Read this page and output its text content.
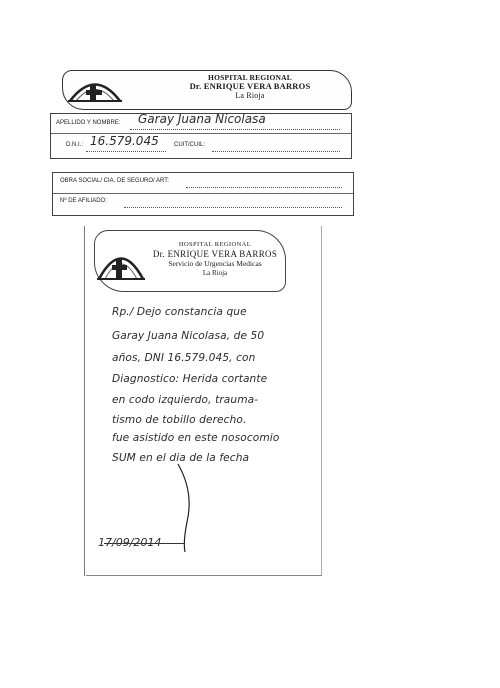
HOSPITAL REGIONAL
Dr. ENRIQUE VERA BARROS
La Rioja
APELLIDO Y NOMBRE: Garay Juana Nicolasa
D.N.I.: 16.579.045	CUIT/CUIL:
OBRA SOCIAL/ CIA. DE SEGURO/ ART:
Nº DE AFILIADO:
HOSPITAL REGIONAL
Dr. ENRIQUE VERA BARROS
Servicio de Urgencias Medicas
La Rioja
Rp./ Dejo constancia que
Garay Juana Nicolasa, de 50
años, DNI 16.579.045, con
Diagnostico: Herida cortante
en codo izquierdo, trauma-
tismo de tobillo derecho.
fue asistido en este nosocomio
SUM en el dia de la fecha
17/09/2014
